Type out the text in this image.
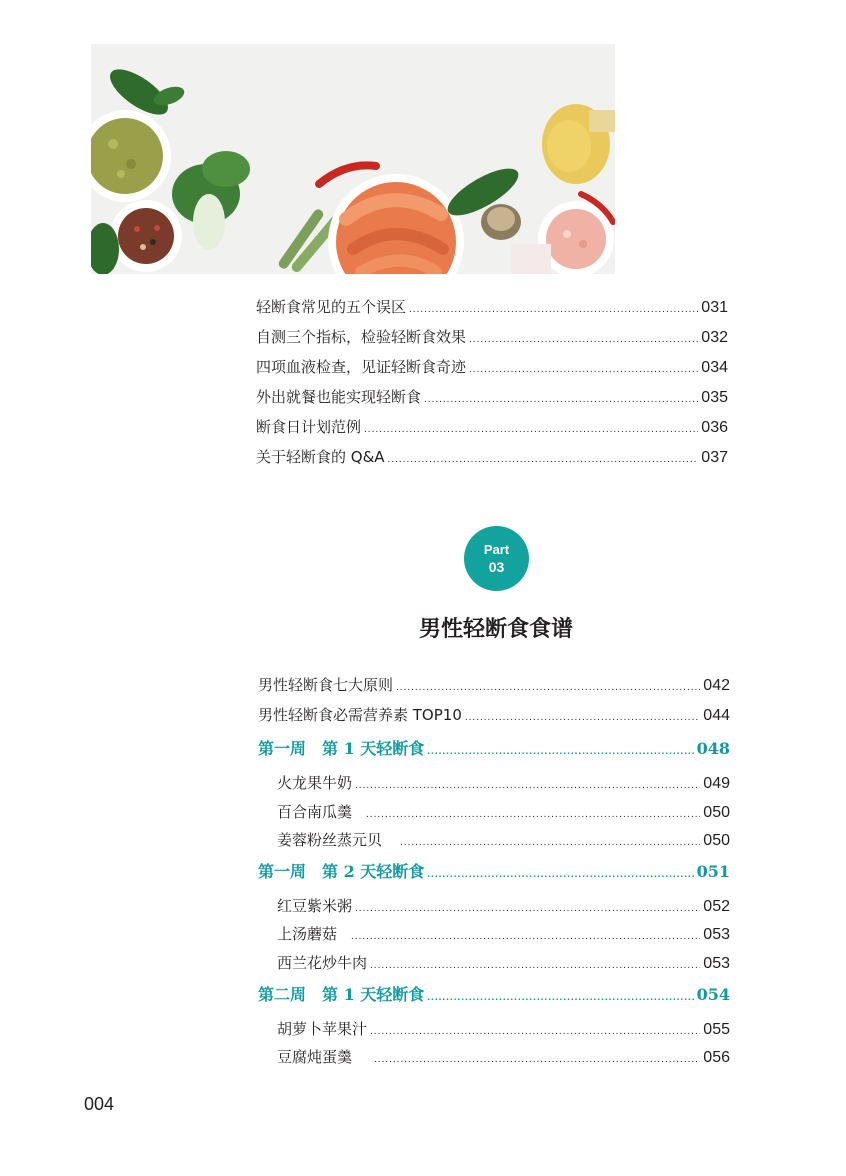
轻断食常见的五个误区 .....	031
自测三个指标，检验轻断食效果 .....	032
四项血液检查，见证轻断食奇迹 .....	034
外出就餐也能实现轻断食 .....	035
断食日计划范例 .....	036
关于轻断食的 Q&A .....	037
Part
03
男性轻断食食谱
男性轻断食七大原则 .....	042
男性轻断食必需营养素 TOP10 .....	044
第一周　第 1 天轻断食 .....	048
火龙果牛奶 .....	049
百合南瓜羹 .....	050
姜蓉粉丝蒸元贝 .....	050
第一周　第 2 天轻断食 .....	051
红豆紫米粥 .....	052
上汤蘑菇 .....	053
西兰花炒牛肉 .....	053
第二周　第 1 天轻断食 .....	054
胡萝卜苹果汁 .....	055
豆腐炖蛋羹 .....	056
004
